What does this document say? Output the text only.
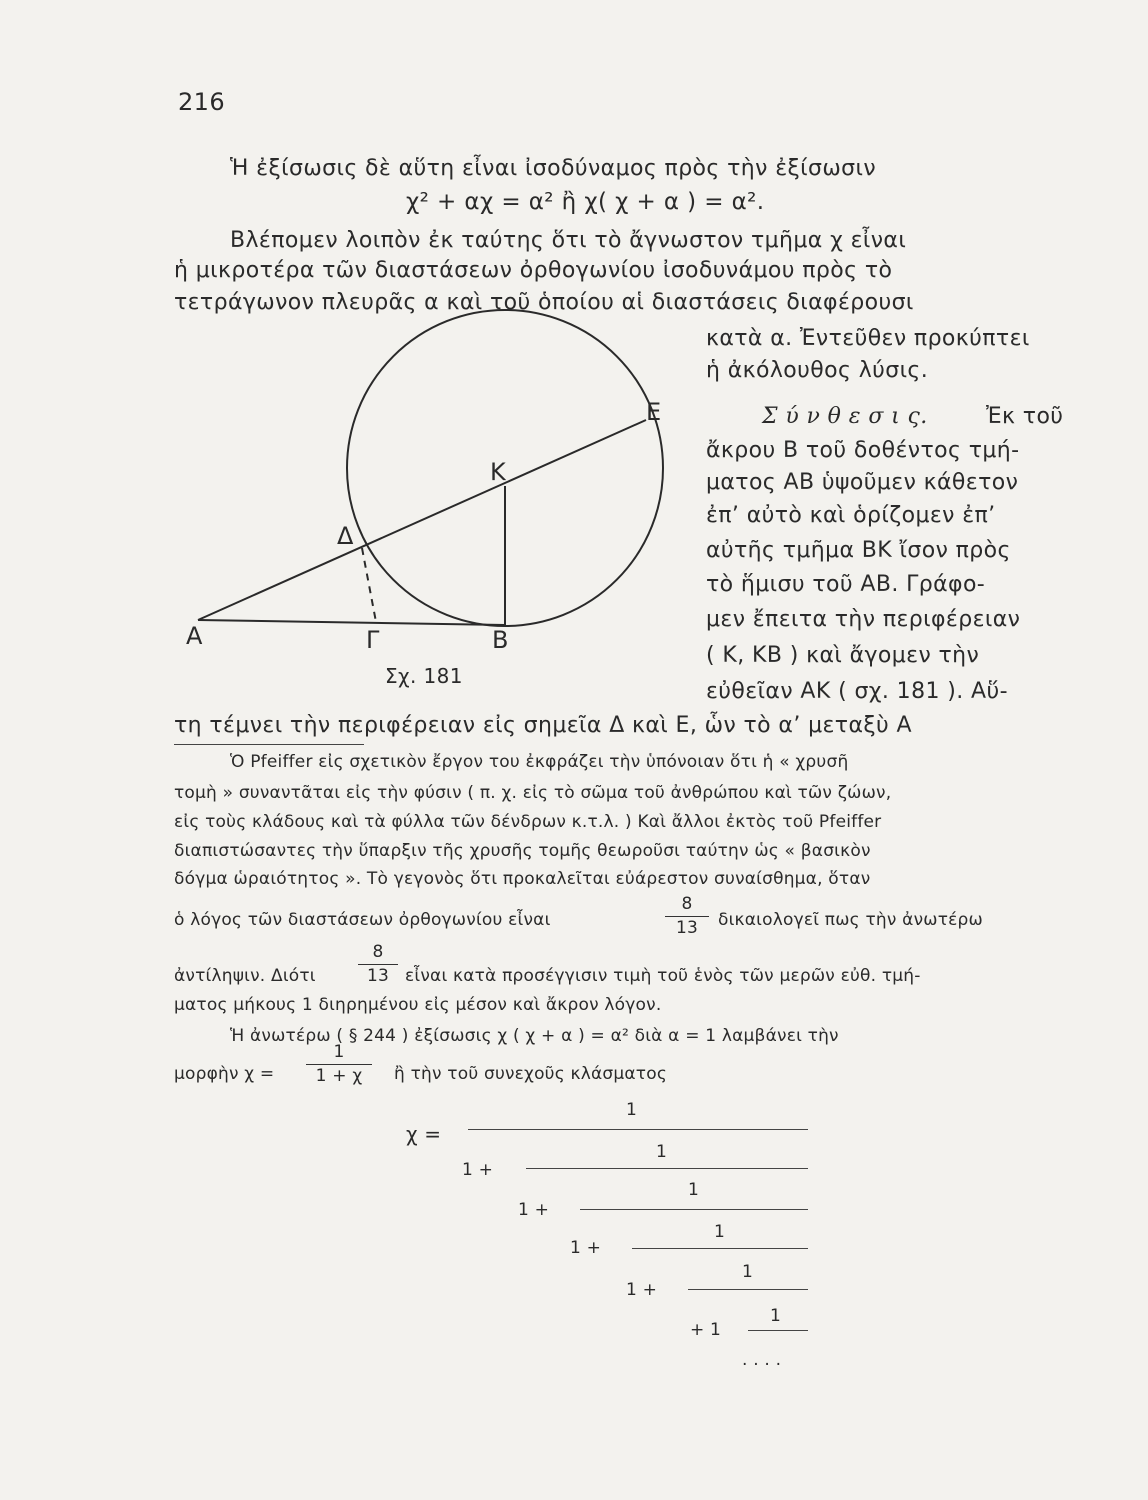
216
Ἡ ἐξίσωσις δὲ αὕτη εἶναι ἰσοδύναμος πρὸς τὴν ἐξίσωσιν
χ² + αχ = α² ἢ χ( χ + α ) = α².
Βλέπομεν λοιπὸν ἐκ ταύτης ὅτι τὸ ἄγνωστον τμῆμα χ εἶναι
ἡ μικροτέρα τῶν διαστάσεων ὀρθογωνίου ἰσοδυνάμου πρὸς τὸ
τετράγωνον πλευρᾶς α καὶ τοῦ ὁποίου αἱ διαστάσεις διαφέρουσι
κατὰ α. Ἐντεῦθεν προκύπτει
ἡ ἀκόλουθος λύσις.
Σ ύ ν θ ε σ ι ς.	Ἐκ τοῦ
ἄκρου Β τοῦ δοθέντος τμή-
ματος ΑΒ ὑψοῦμεν κάθετον
ἐπ’ αὐτὸ καὶ ὁρίζομεν ἐπ’
αὐτῆς τμῆμα ΒΚ ἴσον πρὸς
τὸ ἥμισυ τοῦ ΑΒ. Γράφο-
μεν ἔπειτα τὴν περιφέρειαν
( Κ, ΚΒ ) καὶ ἄγομεν τὴν
εὐθεῖαν ΑΚ ( σχ. 181 ). Αὕ-
τη τέμνει τὴν περιφέρειαν εἰς σημεῖα Δ καὶ Ε, ὧν τὸ α’ μεταξὺ Α
Α	Γ	Β
Δ
Κ
Ε
Σχ. 181
Ὁ Pfeiffer εἰς σχετικὸν ἔργον του ἐκφράζει τὴν ὑπόνοιαν ὅτι ἡ « χρυσῆ
τομὴ » συναντᾶται εἰς τὴν φύσιν ( π. χ. εἰς τὸ σῶμα τοῦ ἀνθρώπου καὶ τῶν ζώων,
εἰς τοὺς κλάδους καὶ τὰ φύλλα τῶν δένδρων κ.τ.λ. ) Καὶ ἄλλοι ἐκτὸς τοῦ Pfeiffer
διαπιστώσαντες τὴν ὕπαρξιν τῆς χρυσῆς τομῆς θεωροῦσι ταύτην ὡς « βασικὸν
δόγμα ὡραιότητος ». Τὸ γεγονὸς ὅτι προκαλεῖται εὐάρεστον συναίσθημα, ὅταν
ὁ λόγος τῶν διαστάσεων ὀρθογωνίου εἶναι
8
13	δικαιολογεῖ πως τὴν ἀνωτέρω
ἀντίληψιν. Διότι
8
13 εἶναι κατὰ προσέγγισιν τιμὴ τοῦ ἑνὸς τῶν μερῶν εὐθ. τμή-
ματος μήκους 1 διηρημένου εἰς μέσον καὶ ἄκρον λόγον.
Ἡ ἀνωτέρω ( § 244 ) ἐξίσωσις χ ( χ + α ) = α² διὰ α = 1 λαμβάνει τὴν
μορφὴν χ =
1
1 + χ	ἢ τὴν τοῦ συνεχοῦς κλάσματος
χ =
1
1 +
1
1 +
1
1 +
1
1 +
1
+ 1
1
. . . .
